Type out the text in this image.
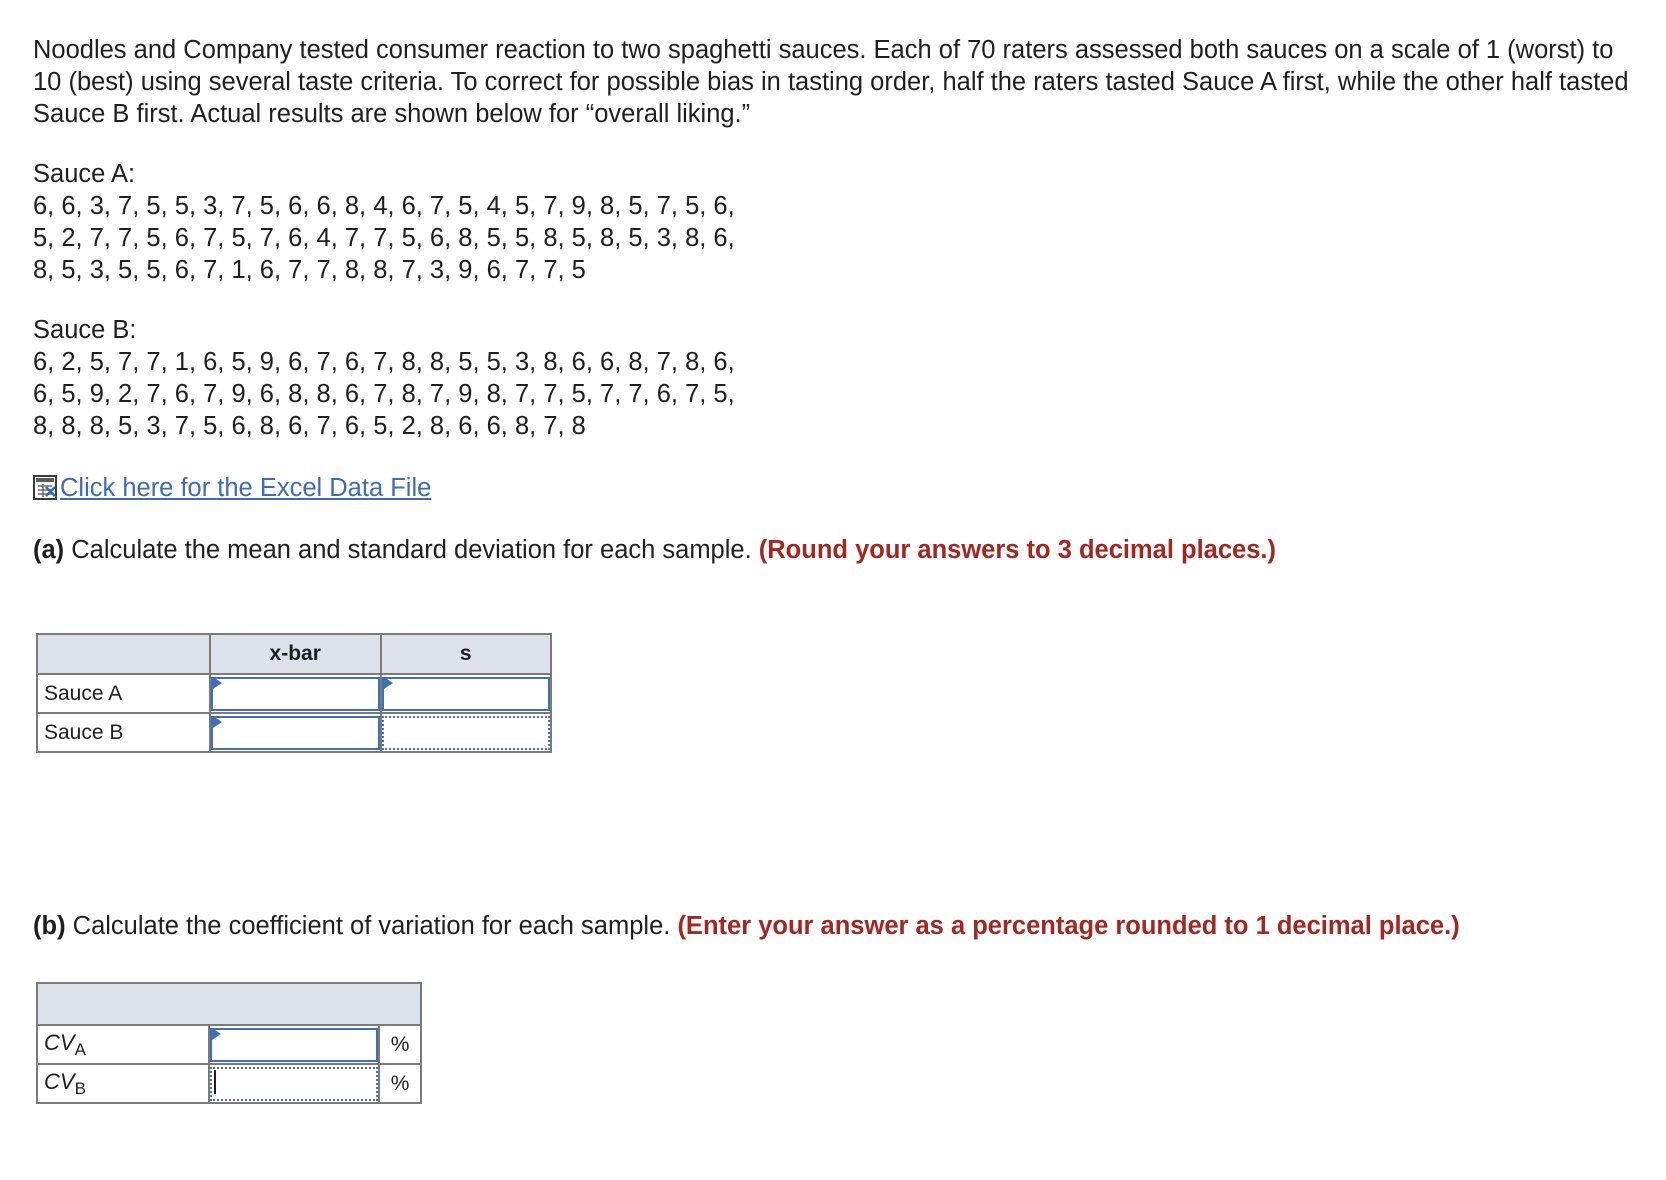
Noodles and Company tested consumer reaction to two spaghetti sauces. Each of 70 raters assessed both sauces on a scale of 1 (worst) to 10 (best) using several taste criteria. To correct for possible bias in tasting order, half the raters tasted Sauce A first, while the other half tasted Sauce B first. Actual results are shown below for “overall liking.”

Sauce A:
6, 6, 3, 7, 5, 5, 3, 7, 5, 6, 6, 8, 4, 6, 7, 5, 4, 5, 7, 9, 8, 5, 7, 5, 6,
5, 2, 7, 7, 5, 6, 7, 5, 7, 6, 4, 7, 7, 5, 6, 8, 5, 5, 8, 5, 8, 5, 3, 8, 6,
8, 5, 3, 5, 5, 6, 7, 1, 6, 7, 7, 8, 8, 7, 3, 9, 6, 7, 7, 5
Sauce B:
6, 2, 5, 7, 7, 1, 6, 5, 9, 6, 7, 6, 7, 8, 8, 5, 5, 3, 8, 6, 6, 8, 7, 8, 6,
6, 5, 9, 2, 7, 6, 7, 9, 6, 8, 8, 6, 7, 8, 7, 9, 8, 7, 7, 5, 7, 7, 6, 7, 5,
8, 8, 8, 5, 3, 7, 5, 6, 8, 6, 7, 6, 5, 2, 8, 6, 6, 8, 7, 8
Click here for the Excel Data File

(a) Calculate the mean and standard deviation for each sample. (Round your answers to 3 decimal places.)

(b) Calculate the coefficient of variation for each sample. (Enter your answer as a percentage rounded to 1 decimal place.)

	x-bar	s
Sauce A	

Sauce B	

$CV_A$		%
$CV_B$		%
